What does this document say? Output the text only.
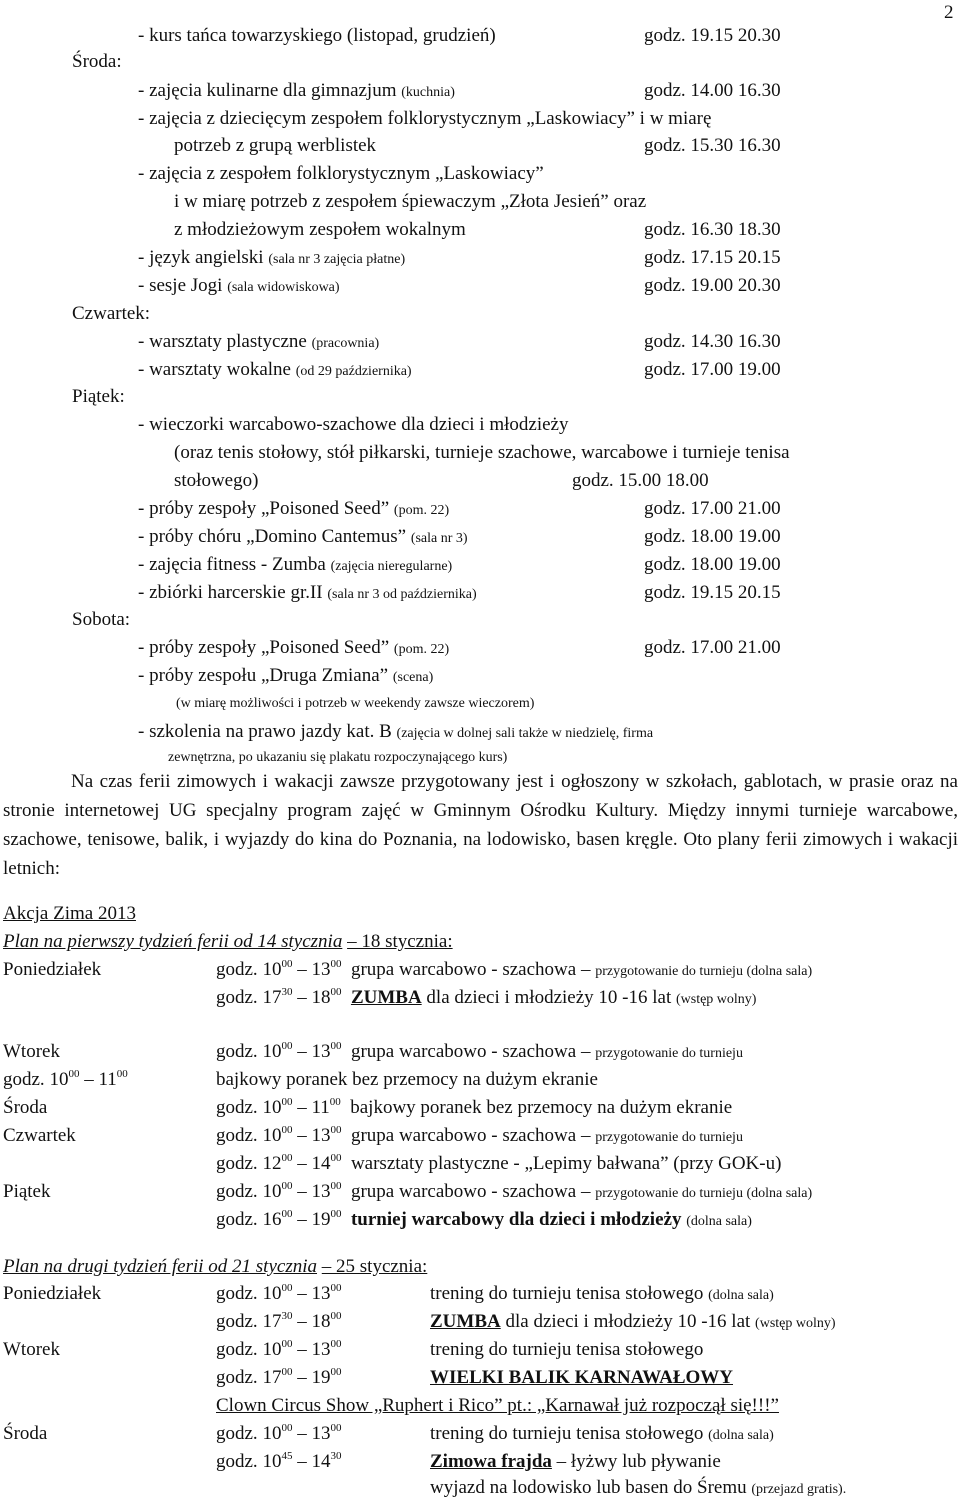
2
- kurs tańca towarzyskiego (listopad, grudzień)	godz. 19.15 20.30
Środa:
- zajęcia kulinarne dla gimnazjum (kuchnia)	godz. 14.00 16.30
- zajęcia z dziecięcym zespołem folklorystycznym „Laskowiacy” i w miarę
potrzeb z grupą werblistek	godz. 15.30 16.30
- zajęcia z zespołem folklorystycznym „Laskowiacy”
i w miarę potrzeb z zespołem śpiewaczym „Złota Jesień” oraz
z młodzieżowym zespołem wokalnym	godz. 16.30 18.30
- język angielski (sala nr 3 zajęcia płatne)	godz. 17.15 20.15
- sesje Jogi (sala widowiskowa)	godz. 19.00 20.30
Czwartek:
- warsztaty plastyczne (pracownia)	godz. 14.30 16.30
- warsztaty wokalne (od 29 października)	godz. 17.00 19.00
Piątek:
- wieczorki warcabowo-szachowe dla dzieci i młodzieży
(oraz tenis stołowy, stół piłkarski, turnieje szachowe, warcabowe i turnieje tenisa
stołowego)	godz. 15.00 18.00
- próby zespoły „Poisoned Seed” (pom. 22)	godz. 17.00 21.00
- próby chóru „Domino Cantemus” (sala nr 3)	godz. 18.00 19.00
- zajęcia fitness - Zumba (zajęcia nieregularne)	godz. 18.00 19.00
- zbiórki harcerskie gr.II (sala nr 3 od października)	godz. 19.15 20.15
Sobota:
- próby zespoły „Poisoned Seed” (pom. 22)	godz. 17.00 21.00
- próby zespołu „Druga Zmiana” (scena)
(w miarę możliwości i potrzeb w weekendy zawsze wieczorem)
- szkolenia na prawo jazdy kat. B (zajęcia w dolnej sali także w niedzielę, firma
zewnętrzna, po ukazaniu się plakatu rozpoczynającego kurs)
Na czas ferii zimowych i wakacji zawsze przygotowany jest i ogłoszony w szkołach, gablotach, w prasie oraz na stronie internetowej UG specjalny program zajęć w Gminnym Ośrodku Kultury. Między innymi turnieje warcabowe, szachowe, tenisowe, balik, i wyjazdy do kina do Poznania, na lodowisko, basen kręgle. Oto plany ferii zimowych i wakacji letnich:
Akcja Zima 2013
Plan na pierwszy tydzień ferii od 14 stycznia – 18 stycznia:
Poniedziałek	godz. $10^{00} - 13^{00}$ grupa warcabowo - szachowa – przygotowanie do turnieju (dolna sala)
godz. $17^{30} - 18^{00}$ ZUMBA dla dzieci i młodzieży 10 -16 lat (wstęp wolny)
Wtorek	godz. $10^{00} - 13^{00}$ grupa warcabowo - szachowa – przygotowanie do turnieju
godz. $10^{00} - 11^{00}$	bajkowy poranek bez przemocy na dużym ekranie
Środa	godz. $10^{00} - 11^{00}$ bajkowy poranek bez przemocy na dużym ekranie
Czwartek	godz. $10^{00} - 13^{00}$ grupa warcabowo - szachowa – przygotowanie do turnieju
godz. $12^{00} - 14^{00}$ warsztaty plastyczne - „Lepimy bałwana” (przy GOK-u)
Piątek	godz. $10^{00} - 13^{00}$ grupa warcabowo - szachowa – przygotowanie do turnieju (dolna sala)
godz. $16^{00} - 19^{00}$ turniej warcabowy dla dzieci i młodzieży (dolna sala)
Plan na drugi tydzień ferii od 21 stycznia – 25 stycznia:
Poniedziałek	godz. $10^{00} - 13^{00}$	trening do turnieju tenisa stołowego (dolna sala)
godz. $17^{30} - 18^{00}$	ZUMBA dla dzieci i młodzieży 10 -16 lat (wstęp wolny)
Wtorek	godz. $10^{00} - 13^{00}$	trening do turnieju tenisa stołowego
godz. $17^{00} - 19^{00}$	WIELKI BALIK KARNAWAŁOWY
Clown Circus Show „Ruphert i Rico” pt.: „Karnawał już rozpoczął się!!!”
Środa	godz. $10^{00} - 13^{00}$	trening do turnieju tenisa stołowego (dolna sala)
godz. $10^{45} - 14^{30}$	Zimowa frajda – łyżwy lub pływanie
wyjazd na lodowisko lub basen do Śremu (przejazd gratis).
